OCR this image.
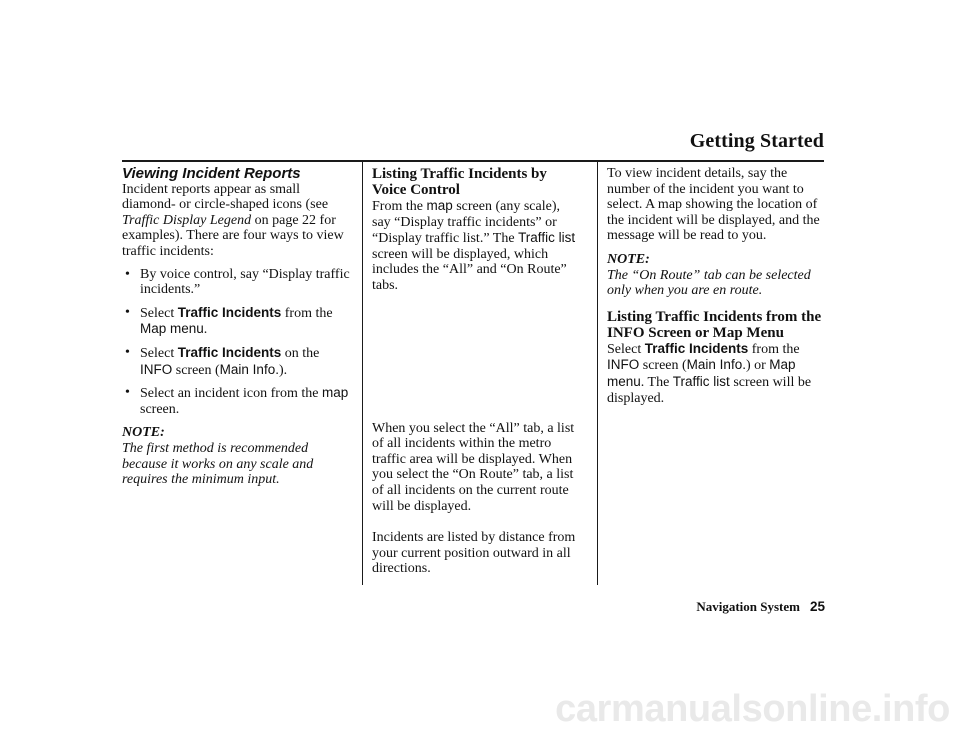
Getting Started

Viewing Incident Reports

Incident reports appear as small diamond- or circle-shaped icons (see Traffic Display Legend on page 22 for examples). There are four ways to view traffic incidents:

• By voice control, say “Display traffic incidents.”
• Select Traffic Incidents from the Map menu.
• Select Traffic Incidents on the INFO screen (Main Info.).
• Select an incident icon from the map screen.

NOTE:

The first method is recommended because it works on any scale and requires the minimum input.

Listing Traffic Incidents by Voice Control

From the map screen (any scale), say “Display traffic incidents” or “Display traffic list.” The Traffic list screen will be displayed, which includes the “All” and “On Route” tabs.

When you select the “All” tab, a list of all incidents within the metro traffic area will be displayed. When you select the “On Route” tab, a list of all incidents on the current route will be displayed.

Incidents are listed by distance from your current position outward in all directions.

To view incident details, say the number of the incident you want to select. A map showing the location of the incident will be displayed, and the message will be read to you.

NOTE:

The “On Route” tab can be selected only when you are en route.

Listing Traffic Incidents from the INFO Screen or Map Menu

Select Traffic Incidents from the INFO screen (Main Info.) or Map menu. The Traffic list screen will be displayed.

Navigation System 25
carmanualsonline.info
